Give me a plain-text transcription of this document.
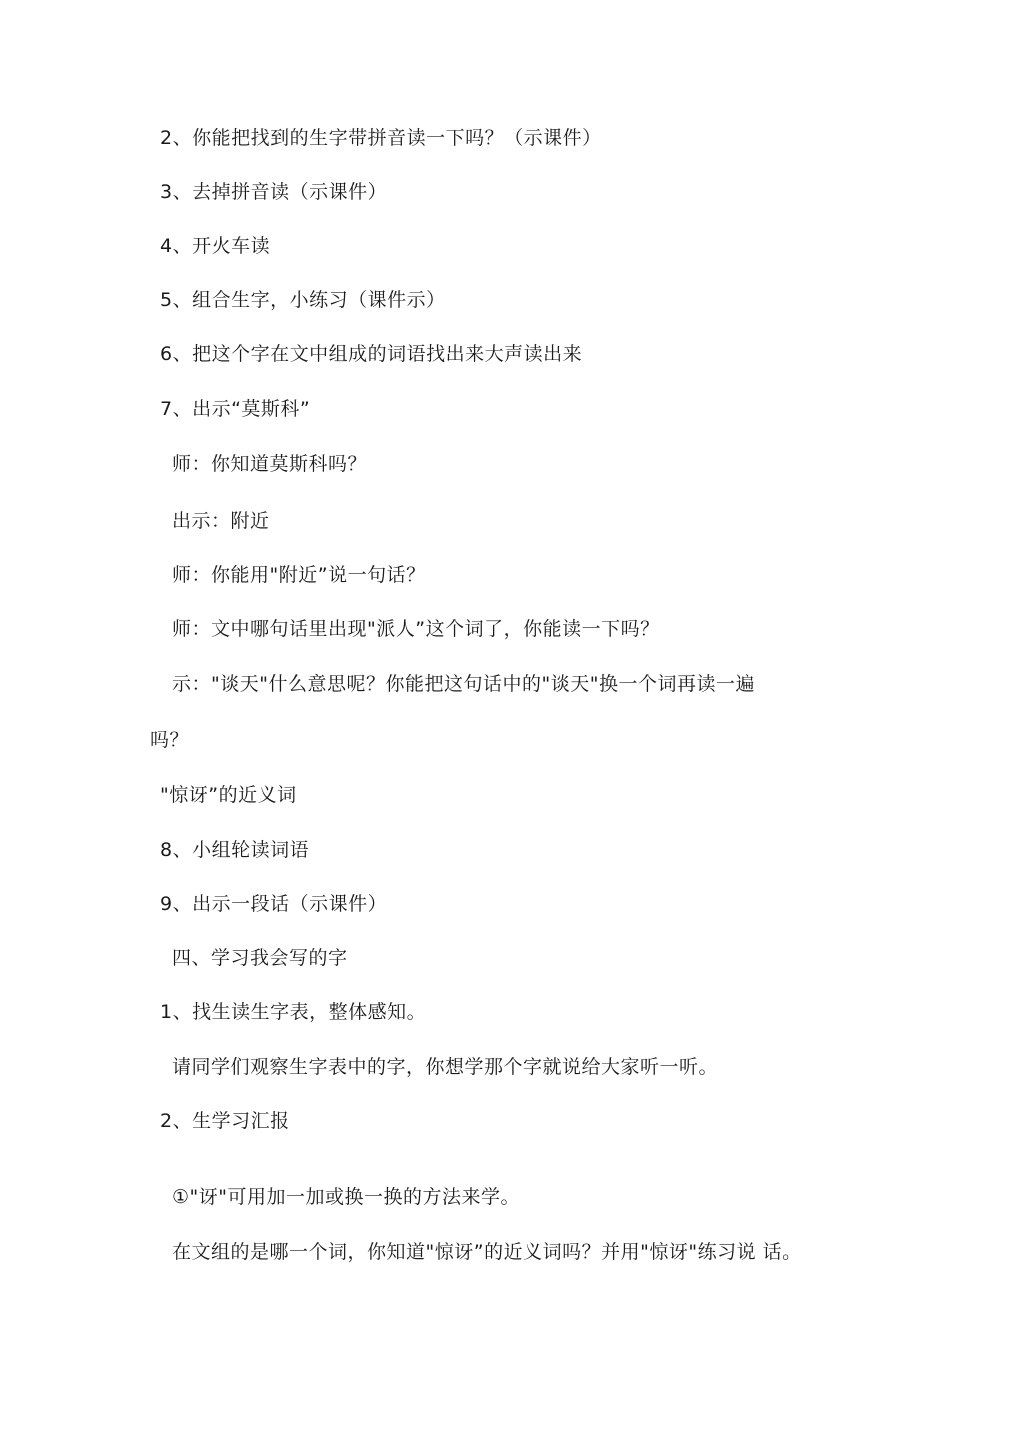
2、你能把找到的生字带拼音读一下吗？（示课件）
3、去掉拼音读（示课件）
4、开火车读
5、组合生字，小练习（课件示）
6、把这个字在文中组成的词语找出来大声读出来
7、出示“莫斯科”
师：你知道莫斯科吗？
出示：附近
师：你能用"附近”说一句话？
师：文中哪句话里出现"派人”这个词了，你能读一下吗？
示："谈天"什么意思呢？你能把这句话中的"谈天"换一个词再读一遍
吗？
"惊讶”的近义词
8、小组轮读词语
9、出示一段话（示课件）
四、学习我会写的字
1、找生读生字表，整体感知。
请同学们观察生字表中的字，你想学那个字就说给大家听一听。
2、生学习汇报
①"讶"可用加一加或换一换的方法来学。
在文组的是哪一个词，你知道"惊讶”的近义词吗？并用"惊讶"练习说 话。
